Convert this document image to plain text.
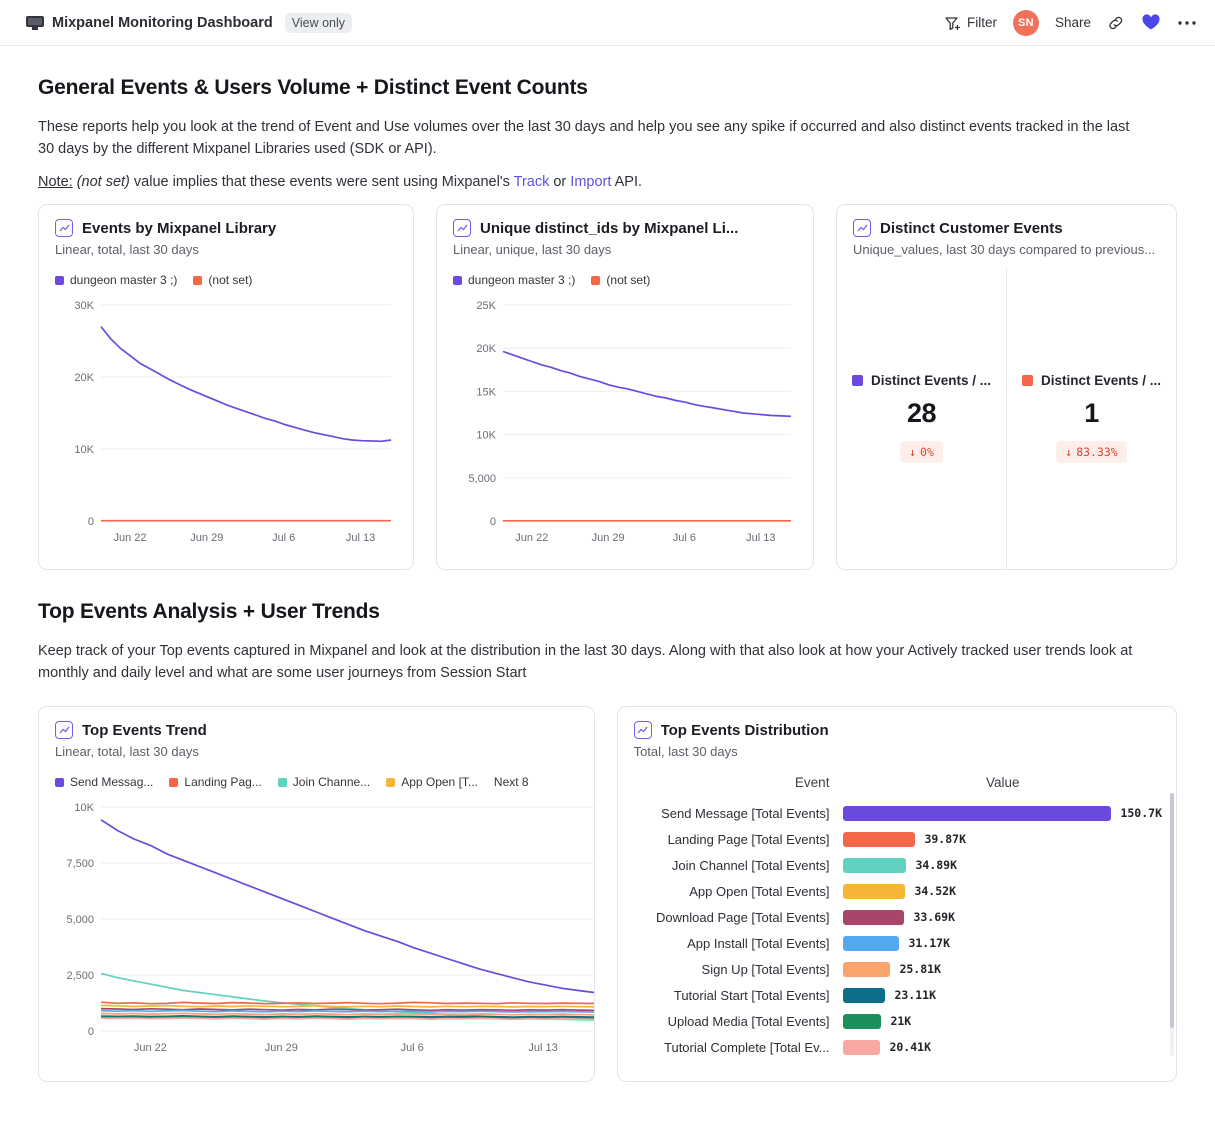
Mixpanel Monitoring Dashboard	View only	Filter	SN	Share
General Events & Users Volume + Distinct Event Counts

These reports help you look at the trend of Event and Use volumes over the last 30 days and help you see any spike if occurred and also distinct events tracked in the last 30 days by the different Mixpanel Libraries used (SDK or API).

Note: (not set) value implies that these events were sent using Mixpanel's Track or Import API.

Events by Mixpanel Library
Linear, total, last 30 days
dungeon master 3 ;)	(not set)
0
10K
20K
30K
Jun 22	Jun 29	Jul 6	Jul 13
Unique distinct_ids by Mixpanel Li...
Linear, unique, last 30 days
dungeon master 3 ;)	(not set)
0
5,000
10K
15K
20K
25K
Jun 22	Jun 29	Jul 6	Jul 13
Distinct Customer Events
Unique_values, last 30 days compared to previous...
Distinct Events / ...
28
↓ 0%
Distinct Events / ...
1
↓ 83.33%
Top Events Analysis + User Trends

Keep track of your Top events captured in Mixpanel and look at the distribution in the last 30 days. Along with that also look at how your Actively tracked user trends look at monthly and daily level and what are some user journeys from Session Start

Top Events Trend
Linear, total, last 30 days
Send Messag...	Landing Pag...	Join Channe...	App Open [T... Next 8
0
2,500
5,000
7,500
10K
Jun 22	Jun 29	Jul 6	Jul 13
Top Events Distribution
Total, last 30 days
Event	Value
Send Message [Total Events]	150.7K

Landing Page [Total Events]	39.87K

Join Channel [Total Events]	34.89K

App Open [Total Events]	34.52K

Download Page [Total Events]	33.69K

App Install [Total Events]	31.17K

Sign Up [Total Events]	25.81K

Tutorial Start [Total Events]	23.11K

Upload Media [Total Events]	21K

Tutorial Complete [Total Ev...	20.41K
